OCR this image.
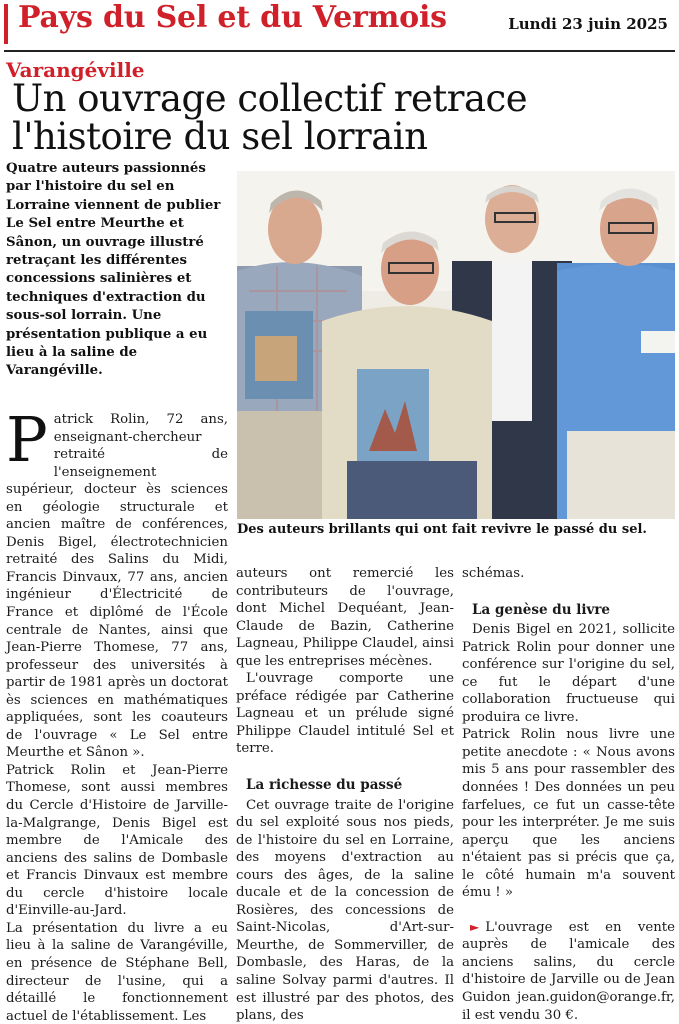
Pays du Sel et du Vermois	Lundi 23 juin 2025
Varangéville
Un ouvrage collectif retrace l'histoire du sel lorrain
Quatre auteurs passionnés par l'histoire du sel en Lorraine viennent de publier Le Sel entre Meurthe et Sânon, un ouvrage illustré retraçant les différentes concessions salinières et techniques d'extraction du sous-sol lorrain. Une présentation publique a eu lieu à la saline de Varangéville.
Des auteurs brillants qui ont fait revivre le passé du sel.

Patrick Rolin, 72 ans, enseignant-chercheur retraité de l'enseignement supérieur, docteur ès sciences en géologie structurale et ancien maître de conférences, Denis Bigel, électrotechnicien retraité des Salins du Midi, Francis Dinvaux, 77 ans, ancien ingénieur d'Électricité de France et diplômé de l'École centrale de Nantes, ainsi que Jean-Pierre Thomese, 77 ans, professeur des universités à partir de 1981 après un doctorat ès sciences en mathématiques appliquées, sont les coauteurs de l'ouvrage « Le Sel entre Meurthe et Sânon ».

Patrick Rolin et Jean-Pierre Thomese, sont aussi membres du Cercle d'Histoire de Jarville-la-Malgrange, Denis Bigel est membre de l'Amicale des anciens des salins de Dombasle et Francis Dinvaux est membre du cercle d'histoire locale d'Einville-au-Jard.

La présentation du livre a eu lieu à la saline de Varangéville, en présence de Stéphane Bell, directeur de l'usine, qui a détaillé le fonctionnement actuel de l'établissement. Les

auteurs ont remercié les contributeurs de l'ouvrage, dont Michel Dequéant, Jean-Claude de Bazin, Catherine Lagneau, Philippe Claudel, ainsi que les entreprises mécènes.

L'ouvrage comporte une préface rédigée par Catherine Lagneau et un prélude signé Philippe Claudel intitulé Sel et terre.

La richesse du passé

Cet ouvrage traite de l'origine du sel exploité sous nos pieds, de l'histoire du sel en Lorraine, des moyens d'extraction au cours des âges, de la saline ducale et de la concession de Rosières, des concessions de Saint-Nicolas, d'Art-sur-Meurthe, de Sommerviller, de Dombasle, des Haras, de la saline Solvay parmi d'autres. Il est illustré par des photos, des plans, des

schémas.

La genèse du livre

Denis Bigel en 2021, sollicite Patrick Rolin pour donner une conférence sur l'origine du sel, ce fut le départ d'une collaboration fructueuse qui produira ce livre.

Patrick Rolin nous livre une petite anecdote : « Nous avons mis 5 ans pour rassembler des données ! Des données un peu farfelues, ce fut un casse-tête pour les interpréter. Je me suis aperçu que les anciens n'étaient pas si précis que ça, le côté humain m'a souvent ému ! »

► L'ouvrage est en vente auprès de l'amicale des anciens salins, du cercle d'histoire de Jarville ou de Jean Guidon jean.guidon@orange.fr, il est vendu 30 €.
